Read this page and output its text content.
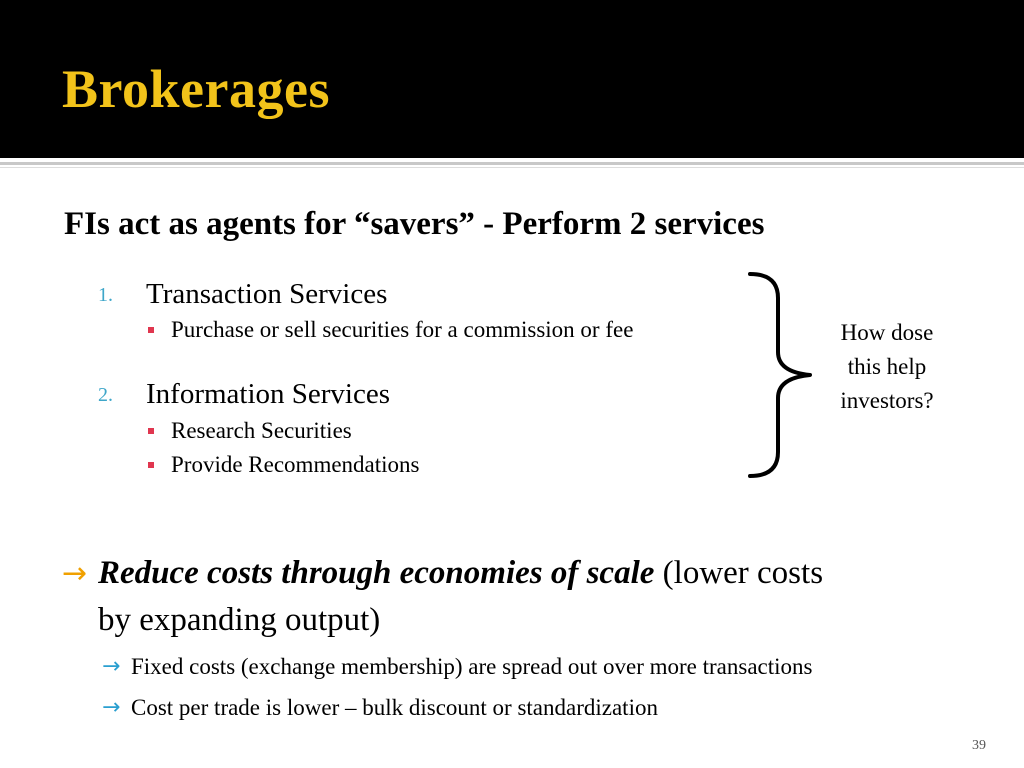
Brokerages
FIs act as agents for “savers” - Perform 2 services
1. Transaction Services
Purchase or sell securities for a commission or fee
2. Information Services
Research Securities
Provide Recommendations
How dose
this help
investors?
→ Reduce costs through economies of scale (lower costs
by expanding output)
→ Fixed costs (exchange membership) are spread out over more transactions
→ Cost per trade is lower – bulk discount or standardization
39
